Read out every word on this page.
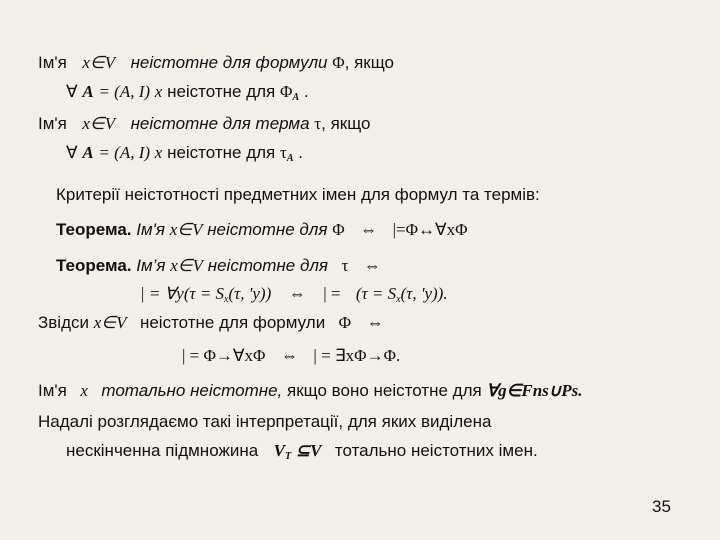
Ім'я x∈V неістотне для формули Φ, якщо
∀ A = (A, I) x неістотне для $\Phi_A$ .
Ім'я x∈V неістотне для терма τ, якщо
∀ A = (A, I) x неістотне для $\tau_A$ .
Критерії неістотності предметних імен для формул та термів:
Теорема. Ім'я x∈V неістотне для Φ ⇔ |=Φ↔∀xΦ
Теорема. Ім’я x∈V неістотне для τ ⇔
| = ∀y(τ = $S_x(\tau$, 'y)) ⇔ | = ($\tau = S_x(\tau$, 'y)).
Звідси x∈V неістотне для формули Φ ⇔
| = Φ→∀xΦ ⇔ | = ∃xΦ→Φ.
Ім'я x тотально неістотне, якщо воно неістотне для ∀g∈Fns∪Ps.
Надалі розглядаємо такі інтерпретації, для яких виділена
нескінченна підмножина $V_T$ ⊆V тотально неістотних імен.
35
